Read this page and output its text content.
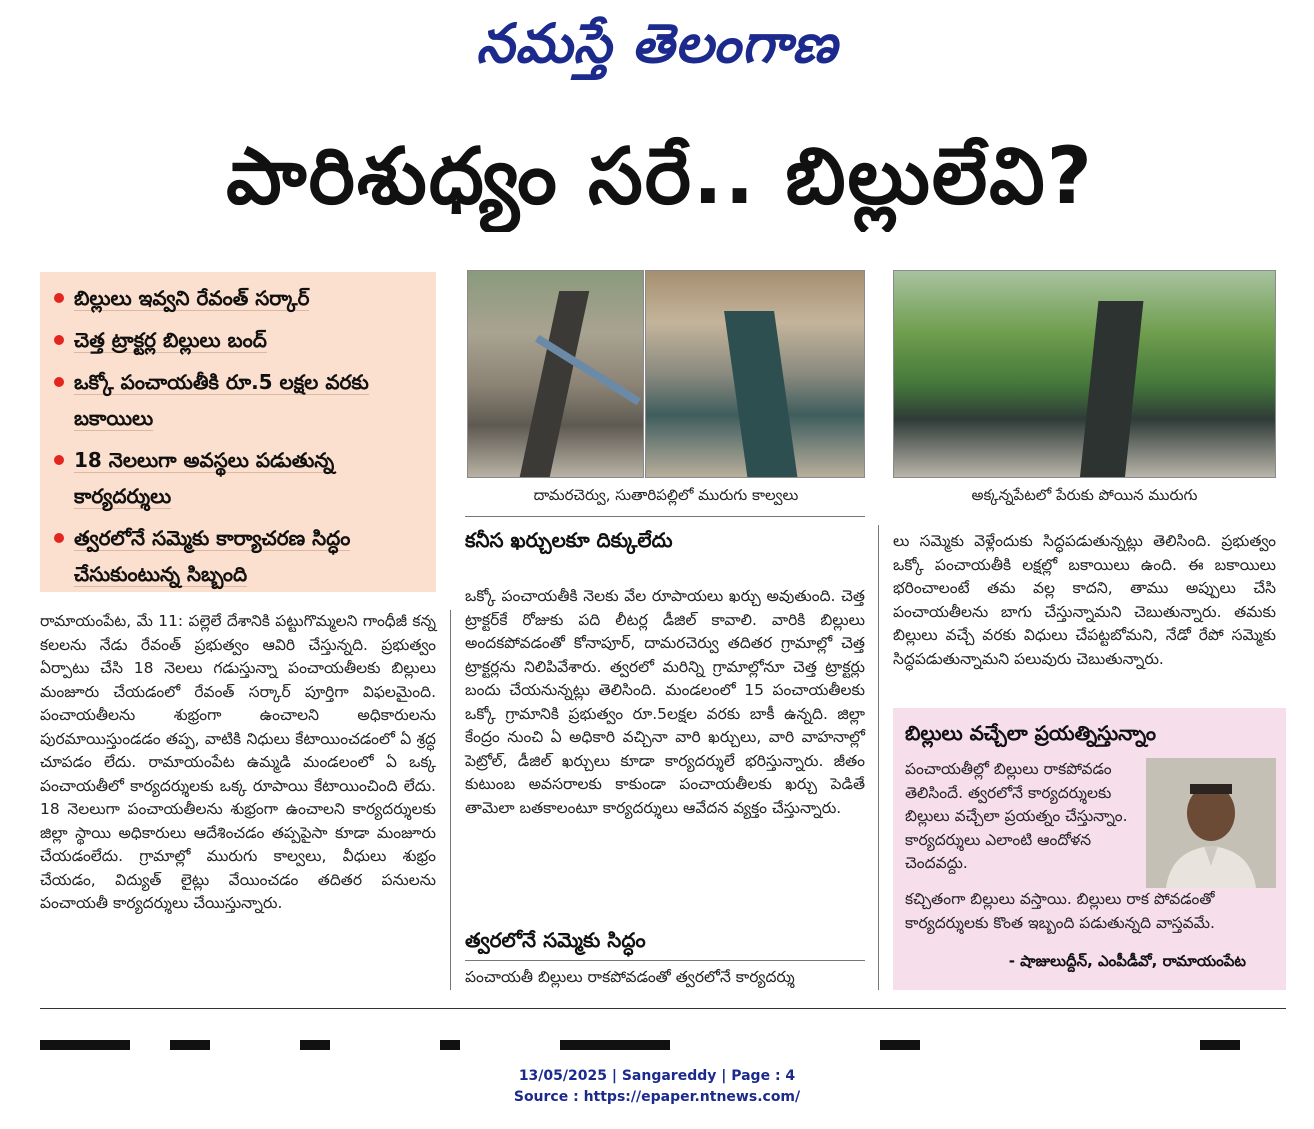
నమస్తే తెలంగాణ
పారిశుధ్యం సరే.. బిల్లులేవి?
బిల్లులు ఇవ్వని రేవంత్ సర్కార్
చెత్త ట్రాక్టర్ల బిల్లులు బంద్
ఒక్కో పంచాయతీకి రూ.5 లక్షల వరకు బకాయిలు
18 నెలలుగా అవస్థలు పడుతున్న కార్యదర్శులు
త్వరలోనే సమ్మెకు కార్యాచరణ సిద్ధం చేసుకుంటున్న సిబ్బంది
దామరచెర్వు, సుతారిపల్లిలో మురుగు కాల్వలు	అక్కన్నపేటలో పేరుకు పోయిన మురుగు

రామాయంపేట, మే 11: పల్లెలే దేశానికి పట్టుగొమ్మలని గాంధీజీ కన్న కలలను నేడు రేవంత్ ప్రభుత్వం ఆవిరి చేస్తున్నది. ప్రభుత్వం ఏర్పాటు చేసి 18 నెలలు గడుస్తున్నా పంచాయతీలకు బిల్లులు మంజూరు చేయడంలో రేవంత్ సర్కార్ పూర్తిగా విఫలమైంది. పంచాయతీలను శుభ్రంగా ఉంచాలని అధికారులను పురమాయిస్తుండడం తప్ప, వాటికి నిధులు కేటాయించడంలో ఏ శ్రద్ధ చూపడం లేదు. రామాయంపేట ఉమ్మడి మండలంలో ఏ ఒక్క పంచాయతీలో కార్యదర్శులకు ఒక్క రూపాయి కేటాయించింది లేదు. 18 నెలలుగా పంచాయతీలను శుభ్రంగా ఉంచాలని కార్యదర్శులకు జిల్లా స్థాయి అధికారులు ఆదేశించడం తప్పపైసా కూడా మంజూరు చేయడంలేదు. గ్రామాల్లో మురుగు కాల్వలు, వీధులు శుభ్రం చేయడం, విద్యుత్ లైట్లు వేయించడం తదితర పనులను పంచాయతీ కార్యదర్శులు చేయిస్తున్నారు.

కనీస ఖర్చులకూ దిక్కులేదు

ఒక్కో పంచాయతీకి నెలకు వేల రూపాయలు ఖర్చు అవుతుంది. చెత్త ట్రాక్టర్‌కే రోజుకు పది లీటర్ల డీజిల్ కావాలి. వారికి బిల్లులు అందకపోవడంతో కోనాపూర్, దామరచెర్వు తదితర గ్రామాల్లో చెత్త ట్రాక్టర్లను నిలిపివేశారు. త్వరలో మరిన్ని గ్రామాల్లోనూ చెత్త ట్రాక్టర్లు బందు చేయనున్నట్లు తెలిసింది. మండలంలో 15 పంచాయతీలకు ఒక్కో గ్రామానికి ప్రభుత్వం రూ.5లక్షల వరకు బాకీ ఉన్నది. జిల్లా కేంద్రం నుంచి ఏ అధికారి వచ్చినా వారి ఖర్చులు, వారి వాహనాల్లో పెట్రోల్, డీజిల్ ఖర్చులు కూడా కార్యదర్శులే భరిస్తున్నారు. జీతం కుటుంబ అవసరాలకు కాకుండా పంచాయతీలకు ఖర్చు పెడితే తామెలా బతకాలంటూ కార్యదర్శులు ఆవేదన వ్యక్తం చేస్తున్నారు.

త్వరలోనే సమ్మెకు సిద్ధం
పంచాయతీ బిల్లులు రాకపోవడంతో త్వరలోనే కార్యదర్శు

లు సమ్మెకు వెళ్లేందుకు సిద్ధపడుతున్నట్లు తెలిసింది. ప్రభుత్వం ఒక్కో పంచాయతీకి లక్షల్లో బకాయిలు ఉంది. ఈ బకాయిలు భరించాలంటే తమ వల్ల కాదని, తాము అప్పులు చేసి పంచాయతీలను బాగు చేస్తున్నామని చెబుతున్నారు. తమకు బిల్లులు వచ్చే వరకు విధులు చేపట్టబోమని, నేడో రేపో సమ్మెకు సిద్ధపడుతున్నామని పలువురు చెబుతున్నారు.

బిల్లులు వచ్చేలా ప్రయత్నిస్తున్నాం
పంచాయతీల్లో బిల్లులు రాకపోవడం తెలిసిందే. త్వరలోనే కార్యదర్శులకు బిల్లులు వచ్చేలా ప్రయత్నం చేస్తున్నాం. కార్యదర్శులు ఎలాంటి ఆందోళన చెందవద్దు.
కచ్చితంగా బిల్లులు వస్తాయి. బిల్లులు రాక పోవడంతో కార్యదర్శులకు కొంత ఇబ్బంది పడుతున్నది వాస్తవమే.
- షాజులుద్దీన్, ఎంపీడీవో, రామాయంపేట
13/05/2025 | Sangareddy | Page : 4
Source : https://epaper.ntnews.com/
